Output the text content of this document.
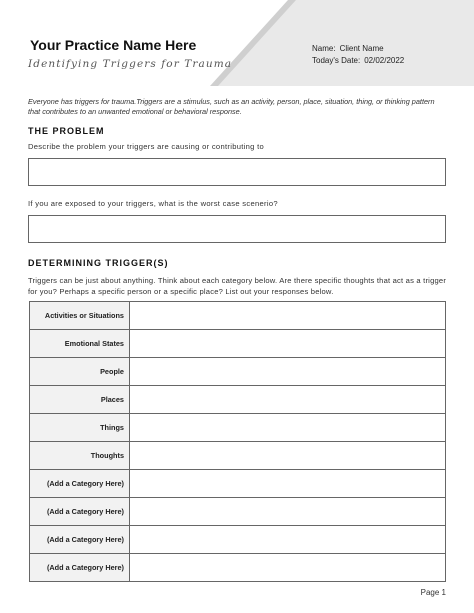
Your Practice Name Here
Identifying Triggers for Trauma
Name: Client Name
Today's Date: 02/02/2022
Everyone has triggers for trauma.Triggers are a stimulus, such as an activity, person, place, situation, thing, or thinking pattern that contributes to an unwanted emotional or behavioral response.
THE PROBLEM
Describe the problem your triggers are causing or contributing to
If you are exposed to your triggers, what is the worst case scenerio?
DETERMINING TRIGGER(S)
Triggers can be just about anything. Think about each category below. Are there specific thoughts that act as a trigger for you? Perhaps a specific person or a specific place? List out your responses below.
Activities or Situations	
Emotional States	
People	
Places	
Things	
Thoughts	
(Add a Category Here)	
(Add a Category Here)	
(Add a Category Here)	
(Add a Category Here)	
Page 1
